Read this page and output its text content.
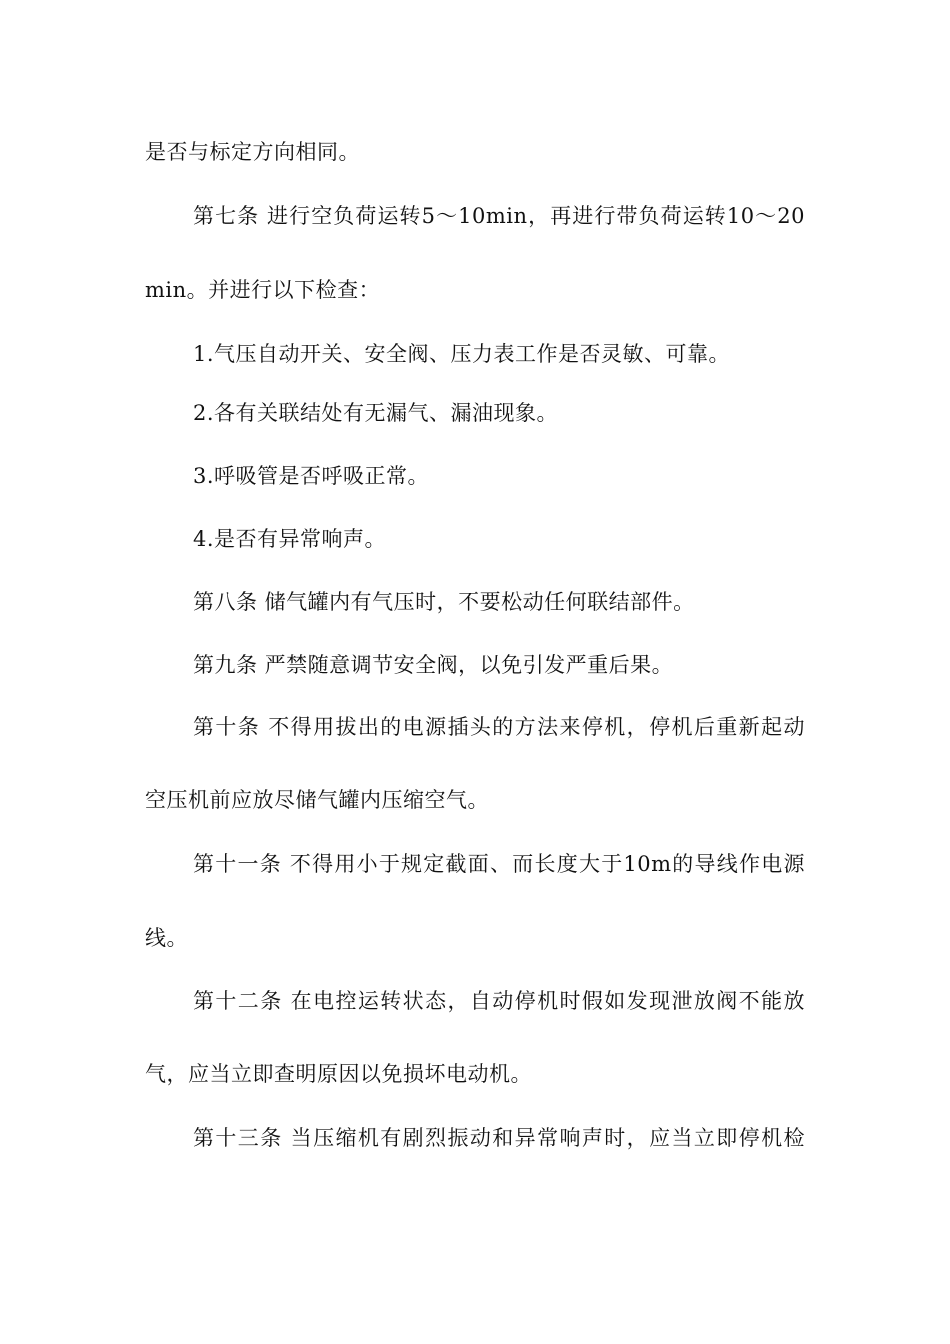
是否与标定方向相同。
第七条 进行空负荷运转5～10min，再进行带负荷运转10～20
min。并进行以下检查：
1.气压自动开关、安全阀、压力表工作是否灵敏、可靠。
2.各有关联结处有无漏气、漏油现象。
3.呼吸管是否呼吸正常。
4.是否有异常响声。
第八条 储气罐内有气压时，不要松动任何联结部件。
第九条 严禁随意调节安全阀，以免引发严重后果。
第十条 不得用拔出的电源插头的方法来停机，停机后重新起动
空压机前应放尽储气罐内压缩空气。
第十一条 不得用小于规定截面、而长度大于10m的导线作电源
线。
第十二条 在电控运转状态，自动停机时假如发现泄放阀不能放
气，应当立即查明原因以免损坏电动机。
第十三条 当压缩机有剧烈振动和异常响声时，应当立即停机检
